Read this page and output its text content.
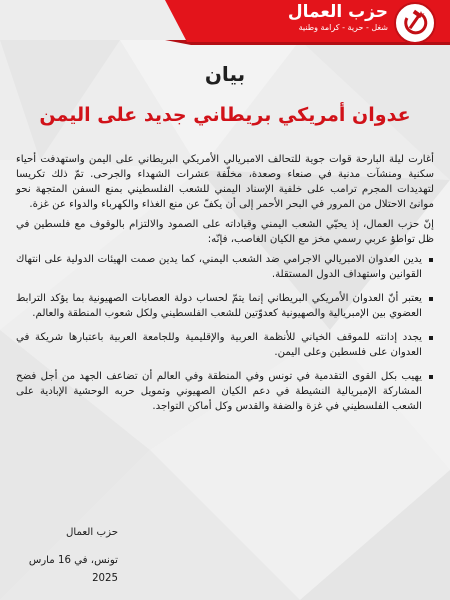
حزب العمال
شغل - حرية - كرامة وطنية
بيان
عدوان أمريكي بريطاني جديد على اليمن

أغارت ليلة البارحة قوات جوية للتحالف الامبريالي الأمريكي البريطاني على اليمن واستهدفت أحياء سكنية ومنشآت مدنية في صنعاء وصعدة، مخلّفة عشرات الشهداء والجرحى. تمّ ذلك تكريسا لتهديدات المجرم ترامب على خلفية الإسناد اليمني للشعب الفلسطيني بمنع السفن المتجهة نحو موانئ الاحتلال من المرور في البحر الأحمر إلى أن يكفّ عن منع الغذاء والكهرباء والدواء عن غزة.

إنّ حزب العمال، إذ يحيّي الشعب اليمني وقياداته على الصمود والالتزام بالوقوف مع فلسطين في ظل تواطؤ عربي رسمي مخز مع الكيان الغاصب، فإنّه:

يدين العدوان الامبريالي الاجرامي ضد الشعب اليمني، كما يدين صمت الهيئات الدولية على انتهاك القوانين واستهداف الدول المستقلة.
يعتبر أنّ العدوان الأمريكي البريطاني إنما يتمّ لحساب دولة العصابات الصهيونية بما يؤكد الترابط العضوي بين الإمبريالية والصهيونية كعدوّتين للشعب الفلسطيني ولكل شعوب المنطقة والعالم.
يجدد إدانته للموقف الخياني للأنظمة العربية والإقليمية وللجامعة العربية باعتبارها شريكة في العدوان على فلسطين وعلى اليمن.
يهيب بكل القوى التقدمية في تونس وفي المنطقة وفي العالم أن تضاعف الجهد من أجل فضح المشاركة الإمبريالية النشيطة في دعم الكيان الصهيوني وتمويل حربه الوحشية الإبادية على الشعب الفلسطيني في غزة والضفة والقدس وكل أماكن التواجد.
حزب العمال
تونس، في 16 مارس 2025
